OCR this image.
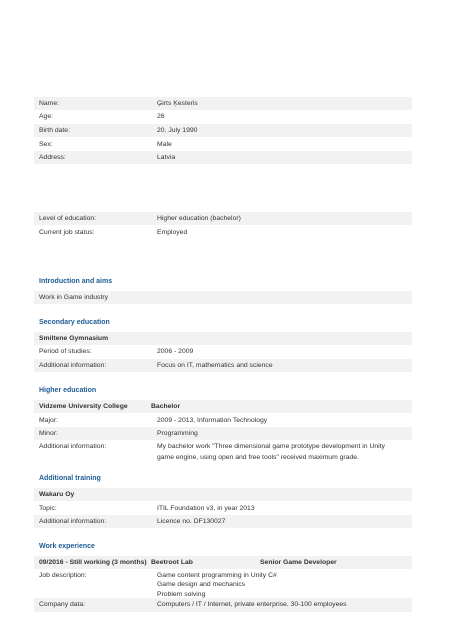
Name:	Ģirts Ķesteris
Age:	26
Birth date:	20. July 1990
Sex:	Male
Address:	Latvia
Level of education:	Higher education (bachelor)
Current job status:	Employed
Introduction and aims
Work in Game industry
Secondary education
Smiltene Gymnasium
Period of studies:	2006 - 2009
Additional information:	Focus on IT, mathematics and science
Higher education
Vidzeme University College	Bachelor
Major:	2009 - 2013, Information Technology
Minor:	Programming
Additional information:	My bachelor work "Three dimensional game prototype development in Unity
game engine, using open and free tools" received maximum grade.
Additional training
Wakaru Oy
Topic:	ITIL Foundation v3, in year 2013
Additional information:	Licence no. DF130027
Work experience
09/2016 - Still working (3 months) Beetroot Lab	Senior Game Developer
Job description:	Game content programming in Unity C#
Game design and mechanics
Problem solving
Company data:	Computers / IT / Internet, private enterprise, 30-100 employees
